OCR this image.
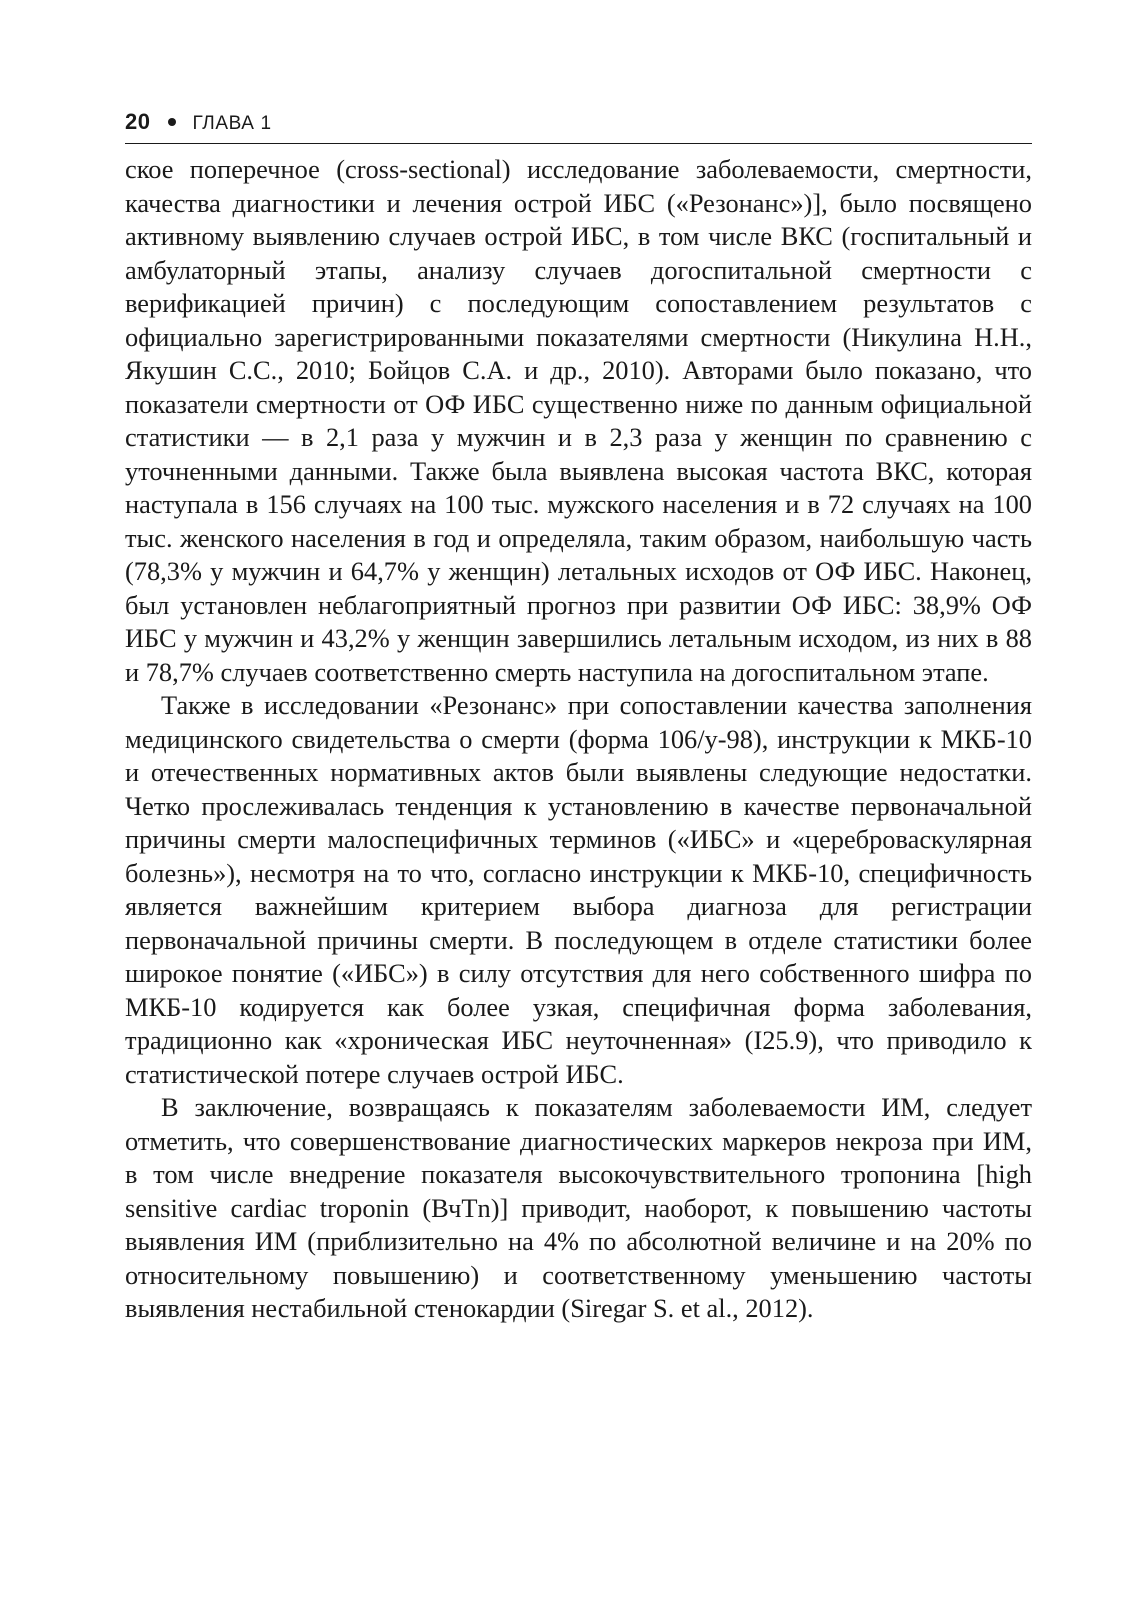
20 ГЛАВА 1

ское поперечное (cross-sectional) исследование заболеваемости, смертности, качества диагностики и лечения острой ИБС («Резонанс»)], было посвящено активному выявлению случаев острой ИБС, в том числе ВКС (госпитальный и амбулаторный этапы, анализу случаев догоспитальной смертности с верификацией причин) с последующим сопоставлением результатов с официально зарегистрированными показателями смертности (Никулина Н.Н., Якушин С.С., 2010; Бойцов С.А. и др., 2010). Авторами было показано, что показатели смертности от ОФ ИБС существенно ниже по данным официальной статистики — в 2,1 раза у мужчин и в 2,3 раза у женщин по сравнению с уточненными данными. Также была выявлена высокая частота ВКС, которая наступала в 156 случаях на 100 тыс. мужского населения и в 72 случаях на 100 тыс. женского населения в год и определяла, таким образом, наибольшую часть (78,3% у мужчин и 64,7% у женщин) летальных исходов от ОФ ИБС. Наконец, был установлен неблагоприятный прогноз при развитии ОФ ИБС: 38,9% ОФ ИБС у мужчин и 43,2% у женщин завершились летальным исходом, из них в 88 и 78,7% случаев соответственно смерть наступила на догоспитальном этапе.

Также в исследовании «Резонанс» при сопоставлении качества заполнения медицинского свидетельства о смерти (форма 106/у-98), инструкции к МКБ-10 и отечественных нормативных актов были выявлены следующие недостатки. Четко прослеживалась тенденция к установлению в качестве первоначальной причины смерти малоспецифичных терминов («ИБС» и «цереброваскулярная болезнь»), несмотря на то что, согласно инструкции к МКБ-10, специфичность является важнейшим критерием выбора диагноза для регистрации первоначальной причины смерти. В последующем в отделе статистики более широкое понятие («ИБС») в силу отсутствия для него собственного шифра по МКБ-10 кодируется как более узкая, специфичная форма заболевания, традиционно как «хроническая ИБС неуточненная» (I25.9), что приводило к статистической потере случаев острой ИБС.

В заключение, возвращаясь к показателям заболеваемости ИМ, следует отметить, что совершенствование диагностических маркеров некроза при ИМ, в том числе внедрение показателя высокочувствительного тропонина [high sensitive cardiac troponin (ВчTn)] приводит, наоборот, к повышению частоты выявления ИМ (приблизительно на 4% по абсолютной величине и на 20% по относительному повышению) и соответственному уменьшению частоты выявления нестабильной стенокардии (Siregar S. et al., 2012).
